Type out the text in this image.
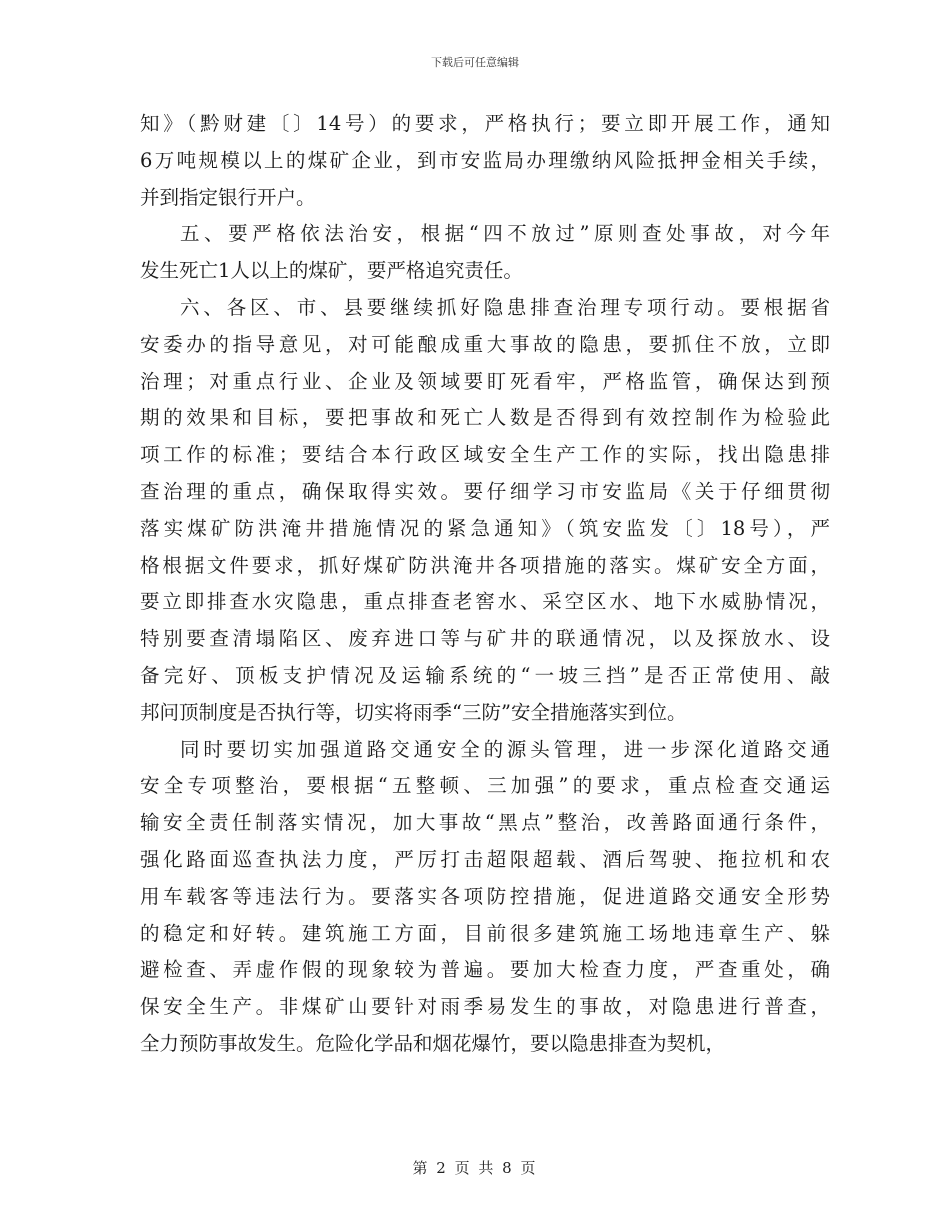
下载后可任意编辑
知》（黔财建〔〕14号）的要求，严格执行；要立即开展工作，通知
6万吨规模以上的煤矿企业，到市安监局办理缴纳风险抵押金相关手续，
并到指定银行开户。
五、要严格依法治安，根据“四不放过”原则查处事故，对今年
发生死亡1人以上的煤矿，要严格追究责任。
六、各区、市、县要继续抓好隐患排查治理专项行动。要根据省
安委办的指导意见，对可能酿成重大事故的隐患，要抓住不放，立即
治理；对重点行业、企业及领域要盯死看牢，严格监管，确保达到预
期的效果和目标，要把事故和死亡人数是否得到有效控制作为检验此
项工作的标准；要结合本行政区域安全生产工作的实际，找出隐患排
查治理的重点，确保取得实效。要仔细学习市安监局《关于仔细贯彻
落实煤矿防洪淹井措施情况的紧急通知》（筑安监发〔〕18号），严
格根据文件要求，抓好煤矿防洪淹井各项措施的落实。煤矿安全方面，
要立即排查水灾隐患，重点排查老窖水、采空区水、地下水威胁情况，
特别要查清塌陷区、废弃进口等与矿井的联通情况，以及探放水、设
备完好、顶板支护情况及运输系统的“一坡三挡”是否正常使用、敲
邦问顶制度是否执行等，切实将雨季“三防”安全措施落实到位。
同时要切实加强道路交通安全的源头管理，进一步深化道路交通
安全专项整治，要根据“五整顿、三加强”的要求，重点检查交通运
输安全责任制落实情况，加大事故“黑点”整治，改善路面通行条件，
强化路面巡查执法力度，严厉打击超限超载、酒后驾驶、拖拉机和农
用车载客等违法行为。要落实各项防控措施，促进道路交通安全形势
的稳定和好转。建筑施工方面，目前很多建筑施工场地违章生产、躲
避检查、弄虚作假的现象较为普遍。要加大检查力度，严查重处，确
保安全生产。非煤矿山要针对雨季易发生的事故，对隐患进行普查，
全力预防事故发生。危险化学品和烟花爆竹，要以隐患排查为契机，
第 2 页 共 8 页
